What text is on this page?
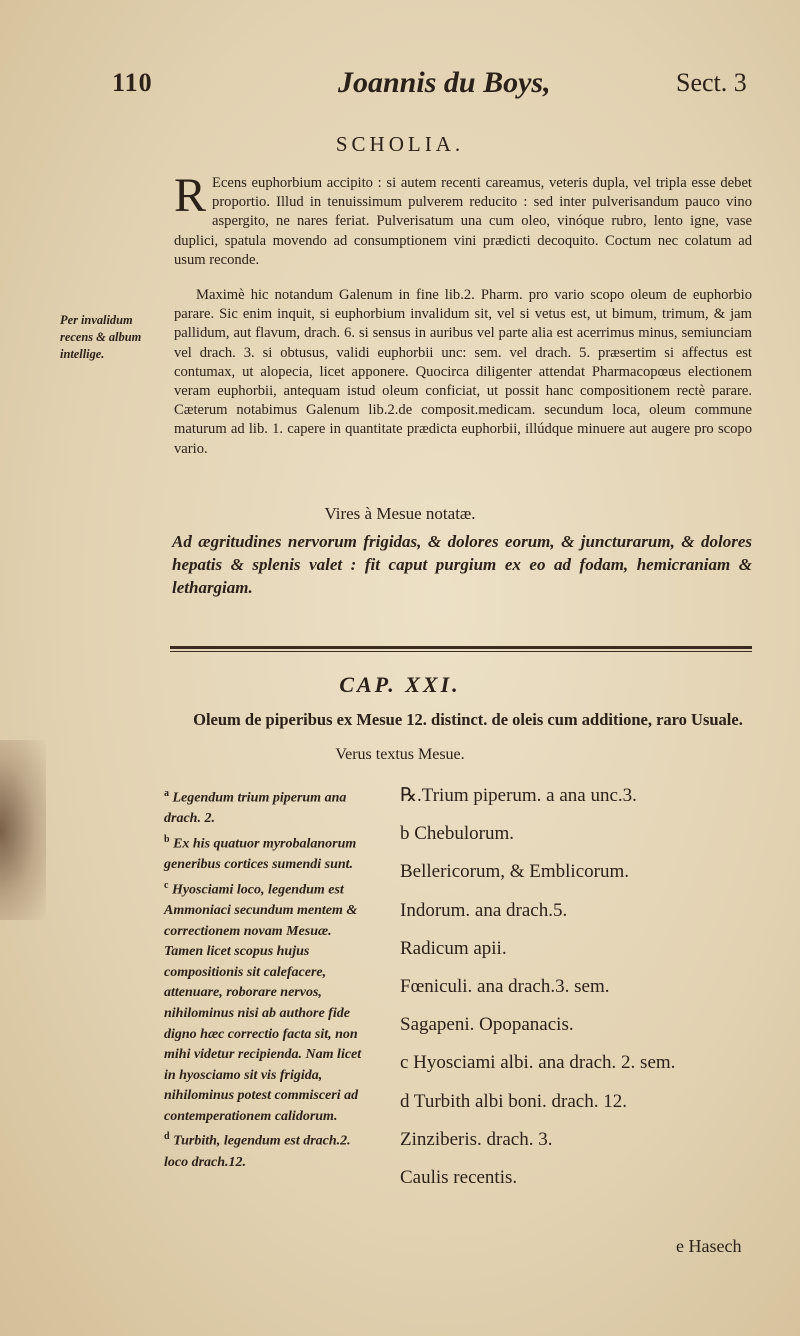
110	Joannis du Boys,	Sect. 3
SCHOLIA.
R Ecens euphorbium accipito : si autem recenti careamus, veteris dupla, vel tripla esse debet proportio. Illud in tenuissimum pulverem reducito : sed inter pulverisandum pauco vino aspergito, ne nares feriat. Pulverisatum una cum oleo, vinóque rubro, lento igne, vase duplici, spatula movendo ad consumptionem vini prædicti decoquito. Coctum nec colatum ad usum reconde.
Maximè hic notandum Galenum in fine lib.2. Pharm. pro vario scopo oleum de euphorbio parare. Sic enim inquit, si euphorbium invalidum sit, vel si vetus est, ut bimum, trimum, & jam pallidum, aut flavum, drach. 6. si sensus in auribus vel parte alia est acerrimus minus, semiunciam vel drach. 3. si obtusus, validi euphorbii unc: sem. vel drach. 5. præsertim si affectus est contumax, ut alopecia, licet apponere. Quocirca diligenter attendat Pharmacopœus electionem veram euphorbii, antequam istud oleum conficiat, ut possit hanc compositionem rectè parare. Cæterum notabimus Galenum lib.2.de composit.medicam. secundum loca, oleum commune maturum ad lib. 1. capere in quantitate prædicta euphorbii, illúdque minuere aut augere pro scopo vario.
Per invalidum recens & album intellige.
Vires à Mesue notatæ.
Ad ægritudines nervorum frigidas, & dolores eorum, & juncturarum, & dolores hepatis & splenis valet : fit caput purgium ex eo ad fodam, hemicraniam & lethargiam.
CAP. XXI.
Oleum de piperibus ex Mesue 12. distinct. de oleis cum additione, raro Usuale.
Verus textus Mesue.

$^a$ Legendum trium piperum ana drach. 2.

$^b$ Ex his quatuor myrobalanorum generibus cortices sumendi sunt.

$^c$ Hyosciami loco, legendum est Ammoniaci secundum mentem & correctionem novam Mesuæ. Tamen licet scopus hujus compositionis sit calefacere, attenuare, roborare nervos, nihilominus nisi ab authore fide digno hæc correctio facta sit, non mihi videtur recipienda. Nam licet in hyosciamo sit vis frigida, nihilominus potest commisceri ad contemperationem calidorum.

$^d$ Turbith, legendum est drach.2. loco drach.12.

℞.Trium piperum. a ana unc.3.
b Chebulorum.
Bellericorum, & Emblicorum.
Indorum. ana drach.5.
Radicum apii.
Fœniculi. ana drach.3. sem.
Sagapeni. Opopanacis.
c Hyosciami albi. ana drach. 2. sem.
d Turbith albi boni. drach. 12.
Zinziberis. drach. 3.
Caulis recentis.
e Hasech
